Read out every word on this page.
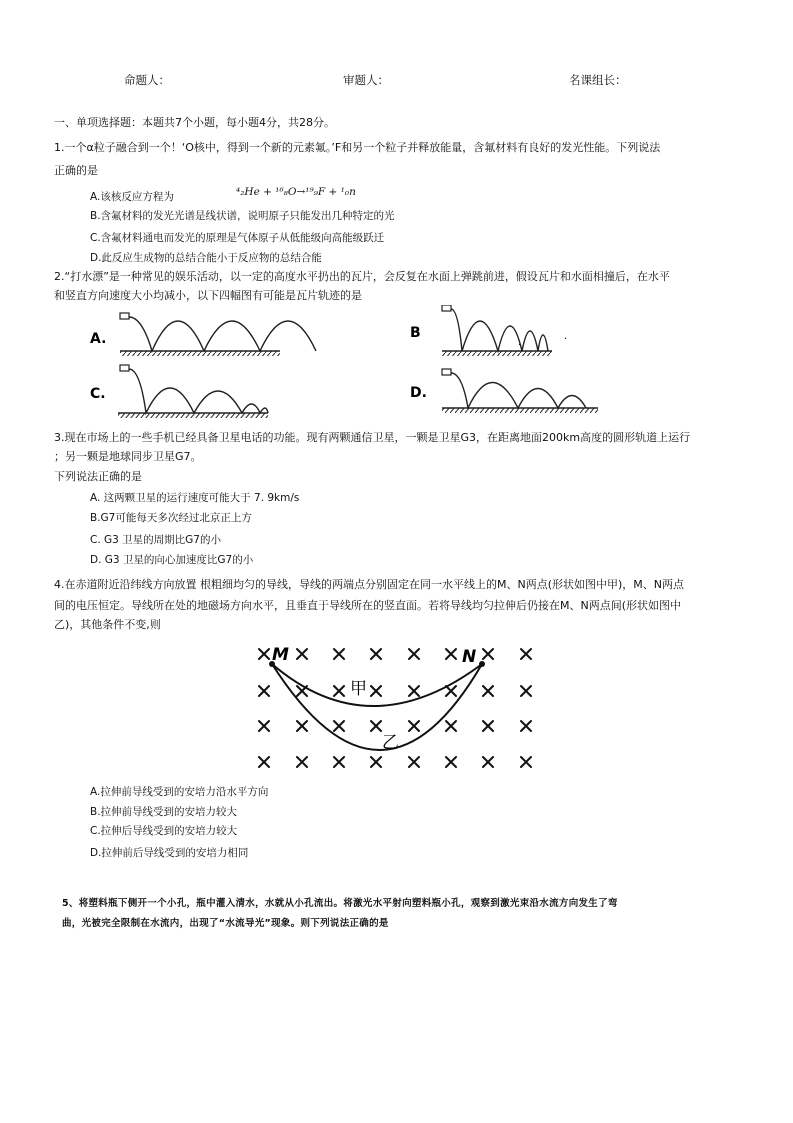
命题人：	审题人：	名课组长：
一、单项选择题：本题共7个小题，每小题4分，共28分。
1.一个α粒子融合到一个！‘O核中，得到一个新的元素氟。’F和另一个粒子并释放能量，含氟材料有良好的发光性能。下列说法
正确的是
A.该核反应方程为	⁴₂He + ¹⁶₈O→¹⁹₉F + ¹₀n
B.含氟材料的发光光谱是线状谱，说明原子只能发出几种特定的光
C.含氟材料通电而发光的原理是气体原子从低能级向高能级跃迁
D.此反应生成物的总结合能小于反应物的总结合能
2.“打水漂”是一种常见的娱乐活动，以一定的高度水平扔出的瓦片，会反复在水面上弹跳前进，假设瓦片和水面相撞后，在水平
和竖直方向速度大小均减小，以下四幅图有可能是瓦片轨迹的是
A.	B
.
.
C.	D.
3.现在市场上的一些手机已经具备卫星电话的功能。现有两颗通信卫星，一颗是卫星G3，在距离地面200km高度的圆形轨道上运行
；另一颗是地球同步卫星G7。
下列说法正确的是
A. 这两颗卫星的运行速度可能大于 7. 9km/s
B.G7可能每天多次经过北京正上方
C. G3 卫星的周期比G7的小
D. G3 卫星的向心加速度比G7的小
4.在赤道附近沿纬线方向放置 根粗细均匀的导线，导线的两端点分别固定在同一水平线上的M、N两点(形状如图中甲)，M、N两点
间的电压恒定。导线所在处的地磁场方向水平，且垂直于导线所在的竖直面。若将导线均匀拉伸后仍接在M、N两点间(形状如图中
乙)，其他条件不变,则
M	N
甲
乙
A.拉伸前导线受到的安培力沿水平方向
B.拉伸前导线受到的安培力较大
C.拉伸后导线受到的安培力较大
D.拉伸前后导线受到的安培力相同
5、将塑料瓶下侧开一个小孔，瓶中灌入清水，水就从小孔流出。将激光水平射向塑料瓶小孔，观察到激光束沿水流方向发生了弯
曲，光被完全限制在水流内，出现了“水流导光”现象。则下列说法正确的是
